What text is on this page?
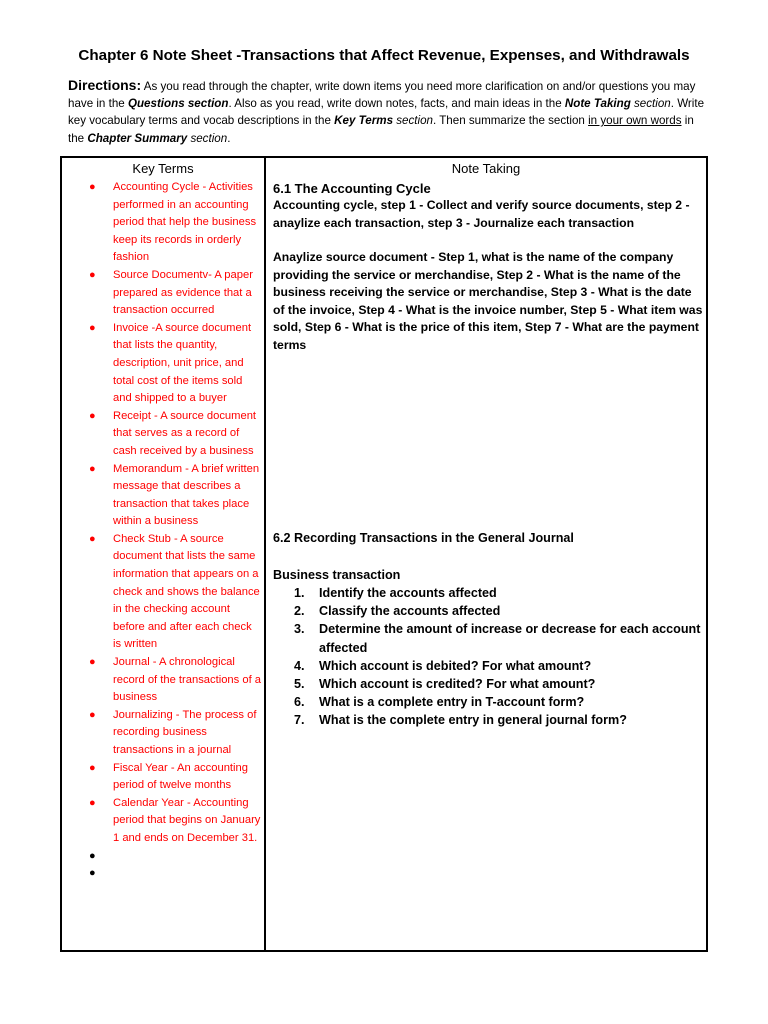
Chapter 6 Note Sheet -Transactions that Affect Revenue, Expenses, and Withdrawals
Directions: As you read through the chapter, write down items you need more clarification on and/or questions you may have in the Questions section. Also as you read, write down notes, facts, and main ideas in the Note Taking section. Write key vocabulary terms and vocab descriptions in the Key Terms section. Then summarize the section in your own words in the Chapter Summary section.
Key Terms
● Accounting Cycle - Activities performed in an accounting period that help the business keep its records in orderly fashion
● Source Documentv- A paper prepared as evidence that a transaction occurred
● Invoice -A source document that lists the quantity, description, unit price, and total cost of the items sold and shipped to a buyer
● Receipt - A source document that serves as a record of cash received by a business
● Memorandum - A brief written message that describes a transaction that takes place within a business
● Check Stub - A source document that lists the same information that appears on a check and shows the balance in the checking account before and after each check is written
● Journal - A chronological record of the transactions of a business
● Journalizing - The process of recording business transactions in a journal
● Fiscal Year - An accounting period of twelve months
● Calendar Year - Accounting period that begins on January 1 and ends on December 31.
●
●
Note Taking
6.1 The Accounting Cycle
Accounting cycle, step 1 - Collect and verify source documents, step 2 - anaylize each transaction, step 3 - Journalize each transaction
Anaylize source document - Step 1, what is the name of the company providing the service or merchandise, Step 2 - What is the name of the business receiving the service or merchandise, Step 3 - What is the date of the invoice, Step 4 - What is the invoice number, Step 5 - What item was sold, Step 6 - What is the price of this item, Step 7 - What are the payment terms
6.2 Recording Transactions in the General Journal
Business transaction
1. Identify the accounts affected
2. Classify the accounts affected
3. Determine the amount of increase or decrease for each account affected
4. Which account is debited? For what amount?
5. Which account is credited? For what amount?
6. What is a complete entry in T-account form?
7. What is the complete entry in general journal form?
